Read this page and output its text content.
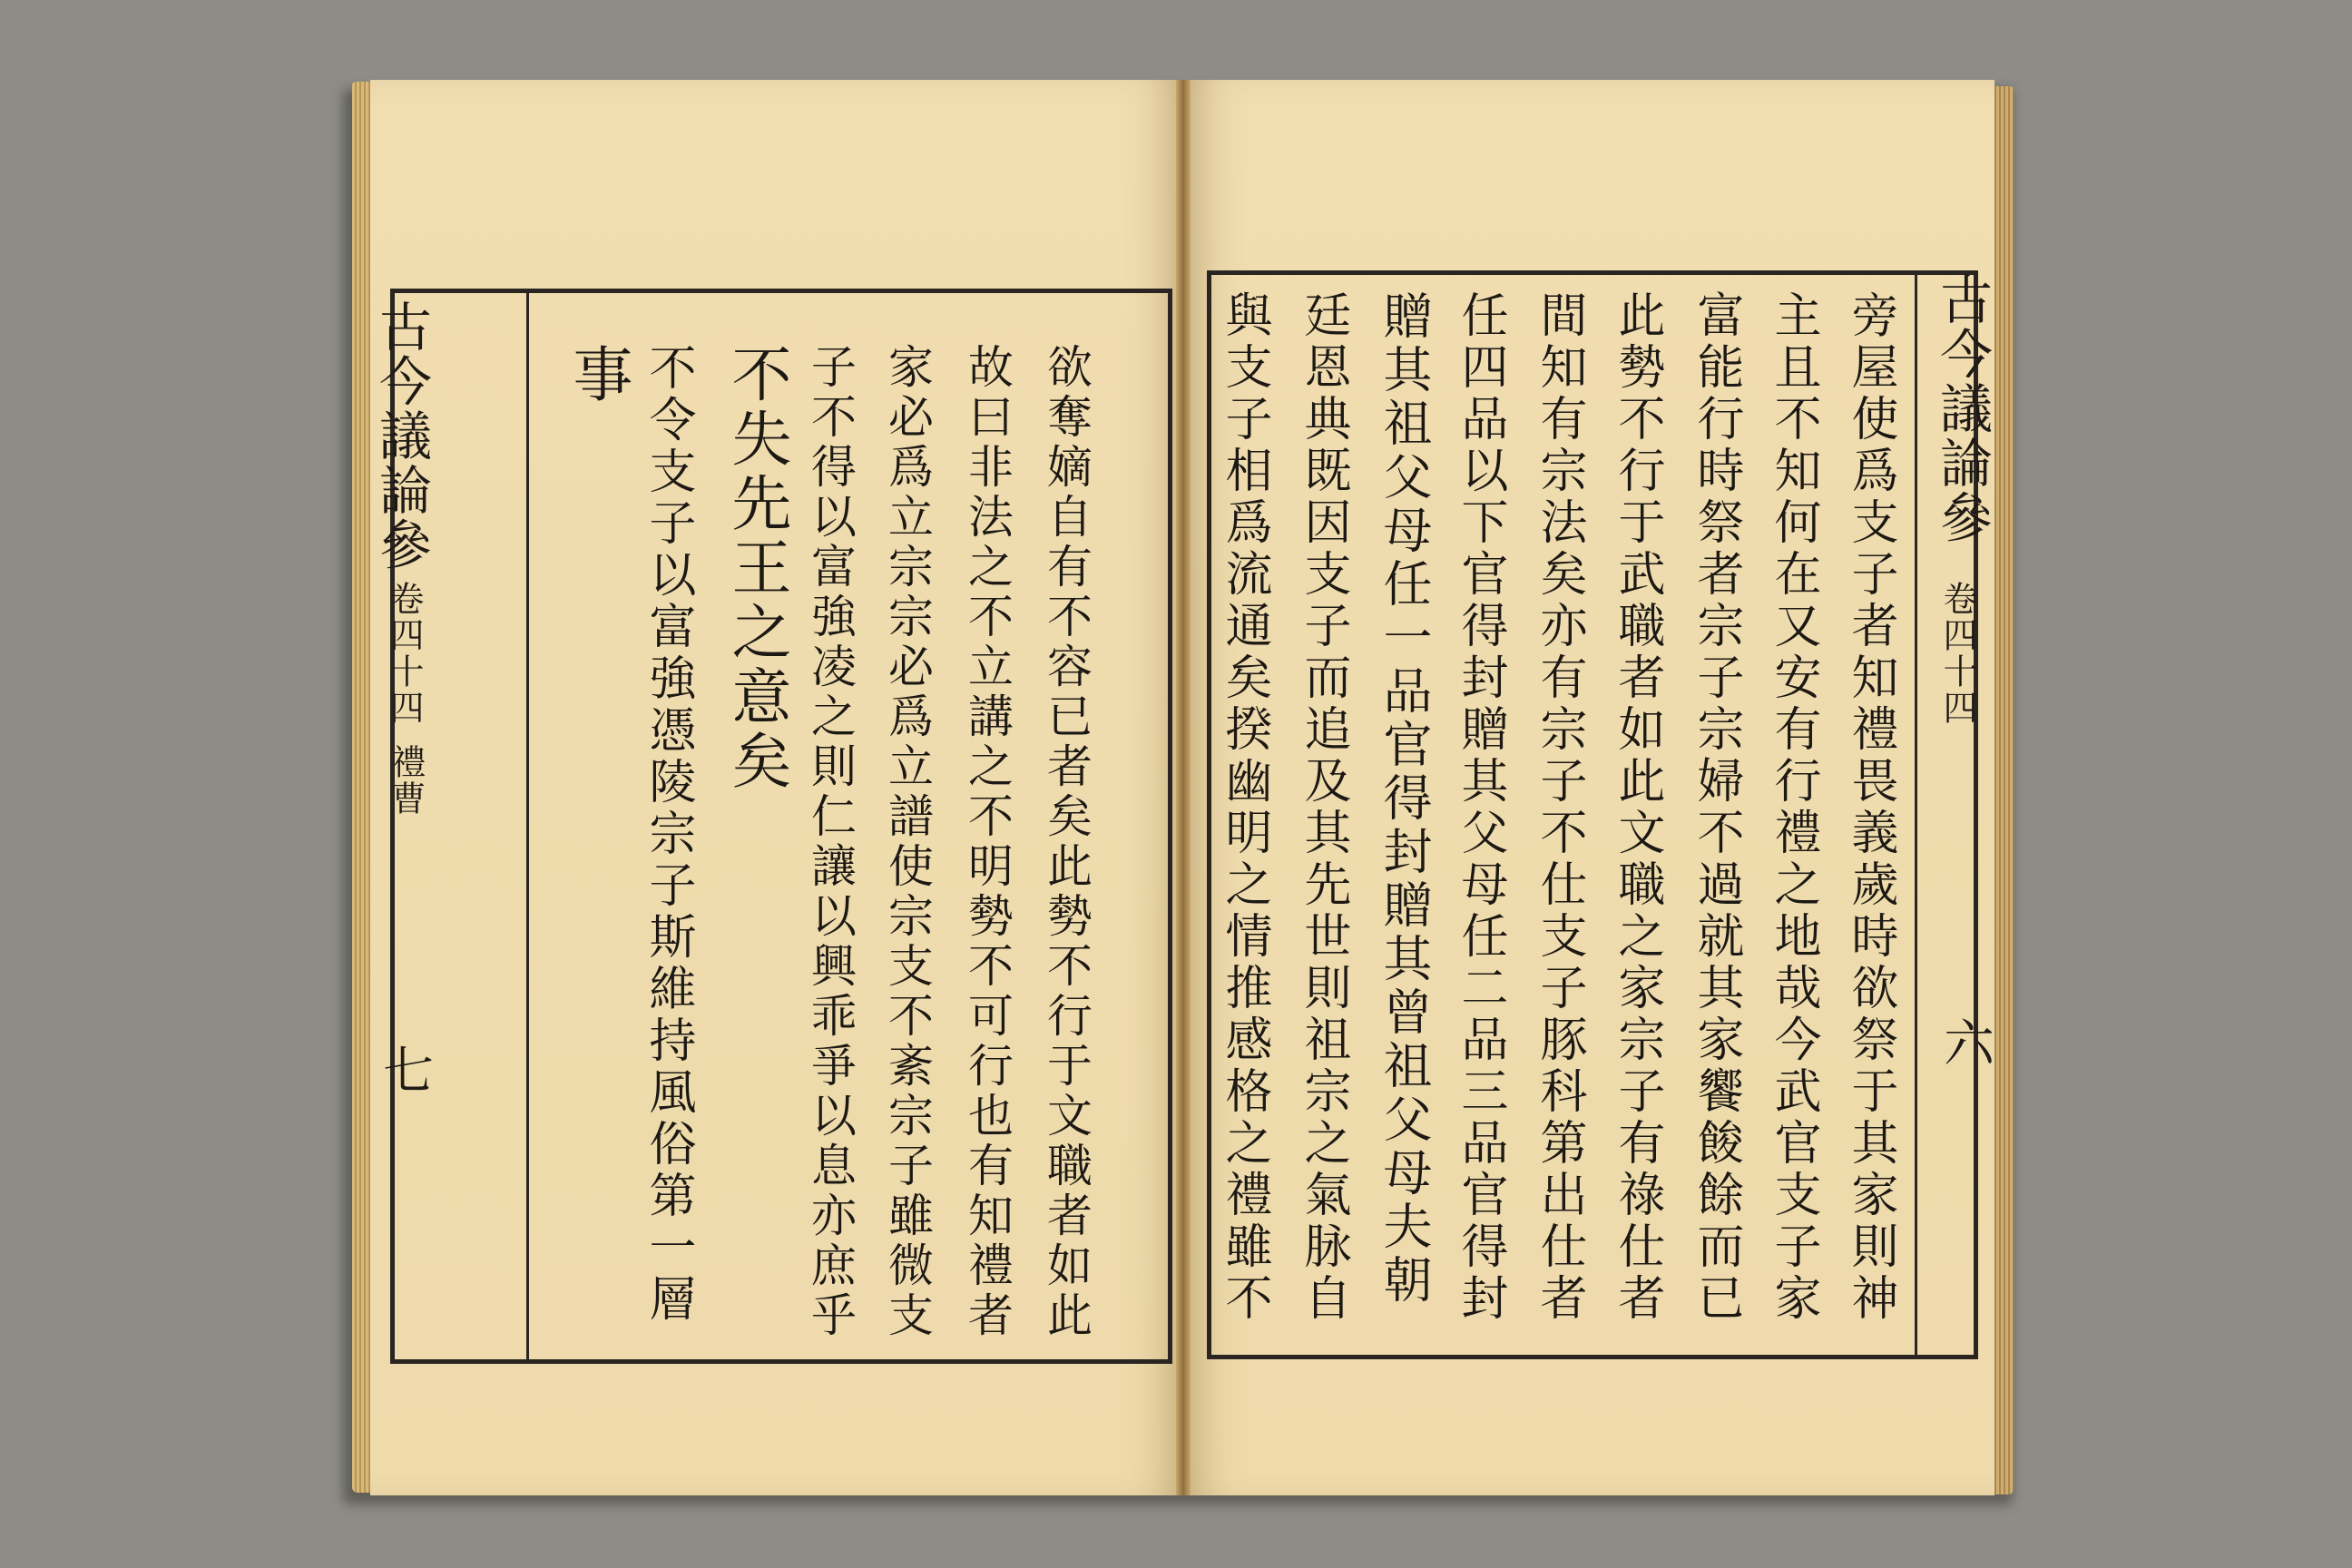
古今議論參
卷四十四
禮曹
七
事 不令支子以富強憑陵宗子斯維持風俗第一層 不失先王之意矣 子不得以富強凌之則仁讓以興乖爭以息亦庶乎 家必爲立宗宗必爲立譜使宗支不紊宗子雖微支 故曰非法之不立講之不明勢不可行也有知禮者 欲奪嫡自有不容已者矣此勢不行于文職者如此	與支子相爲流通矣揆幽明之情推感格之禮雖不 廷恩典既因支子而追及其先世則祖宗之氣脉自 贈其祖父母任一品官得封贈其曾祖父母夫朝 任四品以下官得封贈其父母任二品三品官得封 間知有宗法矣亦有宗子不仕支子豚科第出仕者 此勢不行于武職者如此文職之家宗子有祿仕者 富能行時祭者宗子宗婦不過就其家饗餕餘而已 主且不知何在又安有行禮之地哉今武官支子家 旁屋使爲支子者知禮畏義歲時欲祭于其家則神 古今議論參
卷四十四
六
